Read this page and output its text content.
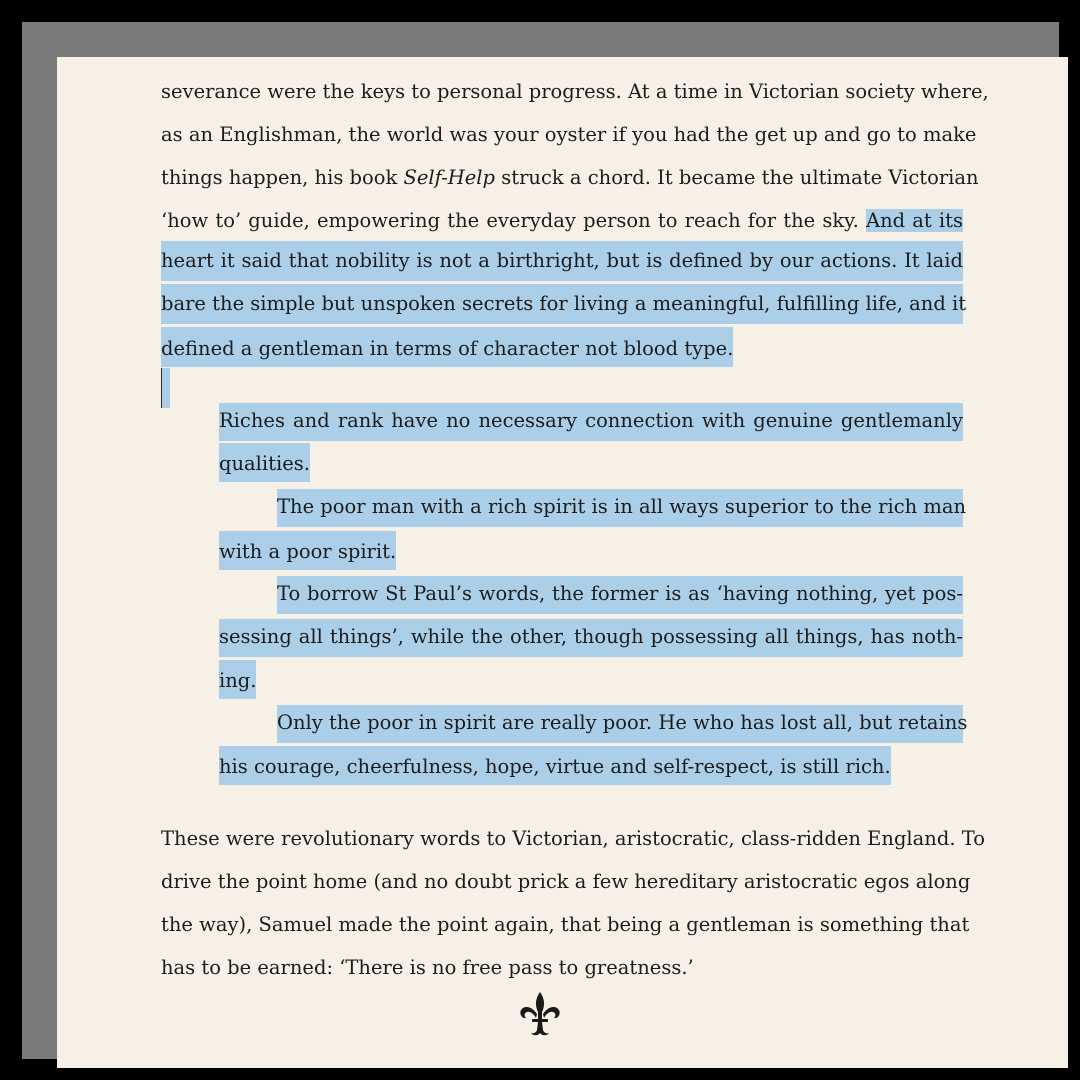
severance were the keys to personal progress. At a time in Victorian society where,
as an Englishman, the world was your oyster if you had the get up and go to make
things happen, his book Self-Help struck a chord. It became the ultimate Victorian
‘how to’ guide, empowering the everyday person to reach for the sky. And at its
heart it said that nobility is not a birthright, but is defined by our actions. It laid
bare the simple but unspoken secrets for living a meaningful, fulfilling life, and it
defined a gentleman in terms of character not blood type.
Riches and rank have no necessary connection with genuine gentlemanly
qualities.
The poor man with a rich spirit is in all ways superior to the rich man
with a poor spirit.
To borrow St Paul’s words, the former is as ‘having nothing, yet pos-
sessing all things’, while the other, though possessing all things, has noth-
ing.
Only the poor in spirit are really poor. He who has lost all, but retains
his courage, cheerfulness, hope, virtue and self-respect, is still rich.
These were revolutionary words to Victorian, aristocratic, class-ridden England. To
drive the point home (and no doubt prick a few hereditary aristocratic egos along
the way), Samuel made the point again, that being a gentleman is something that
has to be earned: ‘There is no free pass to greatness.’
